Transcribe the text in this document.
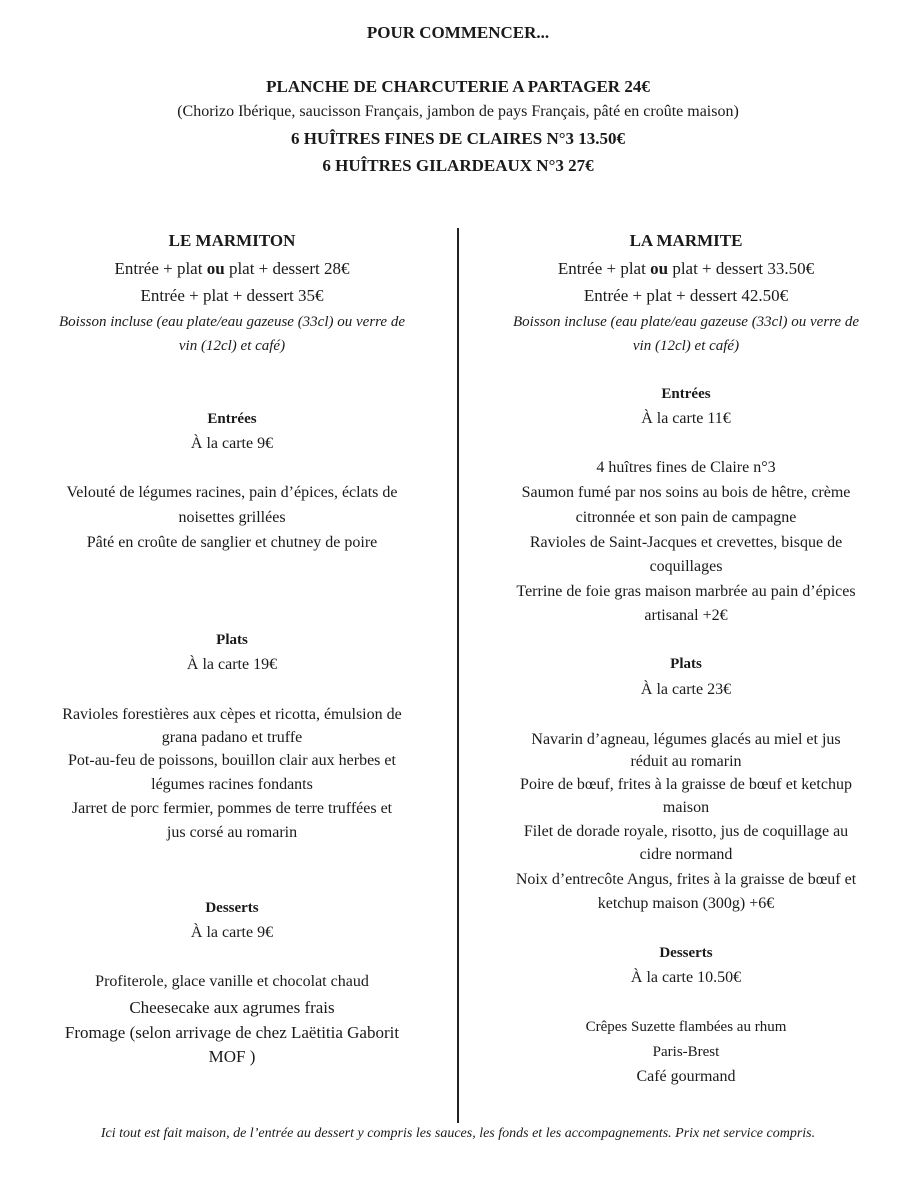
POUR COMMENCER...
PLANCHE DE CHARCUTERIE A PARTAGER 24€
(Chorizo Ibérique, saucisson Français, jambon de pays Français, pâté en croûte maison)
6 HUÎTRES FINES DE CLAIRES N°3 13.50€
6 HUÎTRES GILARDEAUX N°3 27€
LE MARMITON
Entrée + plat ou plat + dessert 28€
Entrée + plat + dessert 35€
Boisson incluse (eau plate/eau gazeuse (33cl) ou verre de
vin (12cl) et café)
Entrées
À la carte 9€
Velouté de légumes racines, pain d’épices, éclats de
noisettes grillées
Pâté en croûte de sanglier et chutney de poire
Plats
À la carte 19€
Ravioles forestières aux cèpes et ricotta, émulsion de
grana padano et truffe
Pot-au-feu de poissons, bouillon clair aux herbes et
légumes racines fondants
Jarret de porc fermier, pommes de terre truffées et
jus corsé au romarin
Desserts
À la carte 9€
Profiterole, glace vanille et chocolat chaud
Cheesecake aux agrumes frais
Fromage (selon arrivage de chez Laëtitia Gaborit
MOF )
LA MARMITE
Entrée + plat ou plat + dessert 33.50€
Entrée + plat + dessert 42.50€
Boisson incluse (eau plate/eau gazeuse (33cl) ou verre de
vin (12cl) et café)
Entrées
À la carte 11€
4 huîtres fines de Claire n°3
Saumon fumé par nos soins au bois de hêtre, crème
citronnée et son pain de campagne
Ravioles de Saint-Jacques et crevettes, bisque de
coquillages
Terrine de foie gras maison marbrée au pain d’épices
artisanal +2€
Plats
À la carte 23€
Navarin d’agneau, légumes glacés au miel et jus
réduit au romarin
Poire de bœuf, frites à la graisse de bœuf et ketchup
maison
Filet de dorade royale, risotto, jus de coquillage au
cidre normand
Noix d’entrecôte Angus, frites à la graisse de bœuf et
ketchup maison (300g) +6€
Desserts
À la carte 10.50€
Crêpes Suzette flambées au rhum
Paris-Brest
Café gourmand
Ici tout est fait maison, de l’entrée au dessert y compris les sauces, les fonds et les accompagnements. Prix net service compris.
